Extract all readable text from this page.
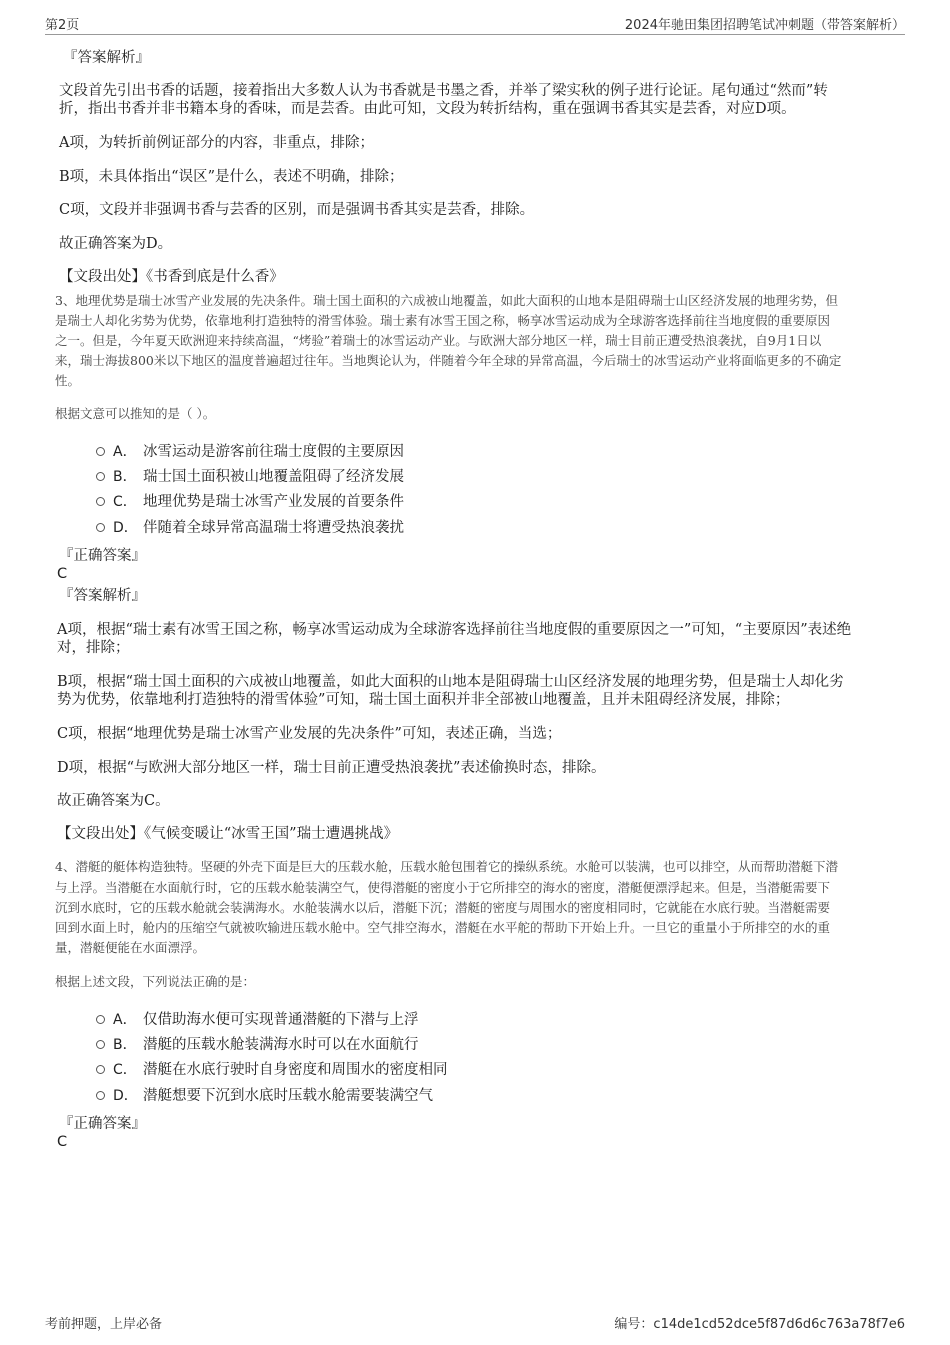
第2页	2024年驰田集团招聘笔试冲刺题（带答案解析）
『答案解析』
文段首先引出书香的话题，接着指出大多数人认为书香就是书墨之香，并举了梁实秋的例子进行论证。尾句通过“然而”转
折，指出书香并非书籍本身的香味，而是芸香。由此可知，文段为转折结构，重在强调书香其实是芸香，对应D项。
A项，为转折前例证部分的内容，非重点，排除；
B项，未具体指出“误区”是什么，表述不明确，排除；
C项，文段并非强调书香与芸香的区别，而是强调书香其实是芸香，排除。
故正确答案为D。
【文段出处】《书香到底是什么香》
3、地理优势是瑞士冰雪产业发展的先决条件。瑞士国土面积的六成被山地覆盖，如此大面积的山地本是阻碍瑞士山区经济发展的地理劣势，但
是瑞士人却化劣势为优势，依靠地利打造独特的滑雪体验。瑞士素有冰雪王国之称，畅享冰雪运动成为全球游客选择前往当地度假的重要原因
之一。但是，今年夏天欧洲迎来持续高温，“烤验”着瑞士的冰雪运动产业。与欧洲大部分地区一样，瑞士目前正遭受热浪袭扰，自9月1日以
来，瑞士海拔800米以下地区的温度普遍超过往年。当地舆论认为，伴随着今年全球的异常高温，今后瑞士的冰雪运动产业将面临更多的不确定
性。
根据文意可以推知的是（ ）。
A． 冰雪运动是游客前往瑞士度假的主要原因
B． 瑞士国土面积被山地覆盖阻碍了经济发展
C． 地理优势是瑞士冰雪产业发展的首要条件
D． 伴随着全球异常高温瑞士将遭受热浪袭扰
『正确答案』
C
『答案解析』
A项，根据“瑞士素有冰雪王国之称，畅享冰雪运动成为全球游客选择前往当地度假的重要原因之一”可知，“主要原因”表述绝
对，排除；
B项，根据“瑞士国土面积的六成被山地覆盖，如此大面积的山地本是阻碍瑞士山区经济发展的地理劣势，但是瑞士人却化劣
势为优势，依靠地利打造独特的滑雪体验”可知，瑞士国土面积并非全部被山地覆盖，且并未阻碍经济发展，排除；
C项，根据“地理优势是瑞士冰雪产业发展的先决条件”可知，表述正确，当选；
D项，根据“与欧洲大部分地区一样，瑞士目前正遭受热浪袭扰”表述偷换时态，排除。
故正确答案为C。
【文段出处】《气候变暖让“冰雪王国”瑞士遭遇挑战》
4、潜艇的艇体构造独特。坚硬的外壳下面是巨大的压载水舱，压载水舱包围着它的操纵系统。水舱可以装满，也可以排空，从而帮助潜艇下潜
与上浮。当潜艇在水面航行时，它的压载水舱装满空气，使得潜艇的密度小于它所排空的海水的密度，潜艇便漂浮起来。但是，当潜艇需要下
沉到水底时，它的压载水舱就会装满海水。水舱装满水以后，潜艇下沉；潜艇的密度与周围水的密度相同时，它就能在水底行驶。当潜艇需要
回到水面上时，舱内的压缩空气就被吹输进压载水舱中。空气排空海水，潜艇在水平舵的帮助下开始上升。一旦它的重量小于所排空的水的重
量，潜艇便能在水面漂浮。
根据上述文段，下列说法正确的是：
A． 仅借助海水便可实现普通潜艇的下潜与上浮
B． 潜艇的压载水舱装满海水时可以在水面航行
C． 潜艇在水底行驶时自身密度和周围水的密度相同
D． 潜艇想要下沉到水底时压载水舱需要装满空气
『正确答案』
C
考前押题，上岸必备	编号：c14de1cd52dce5f87d6d6c763a78f7e6
